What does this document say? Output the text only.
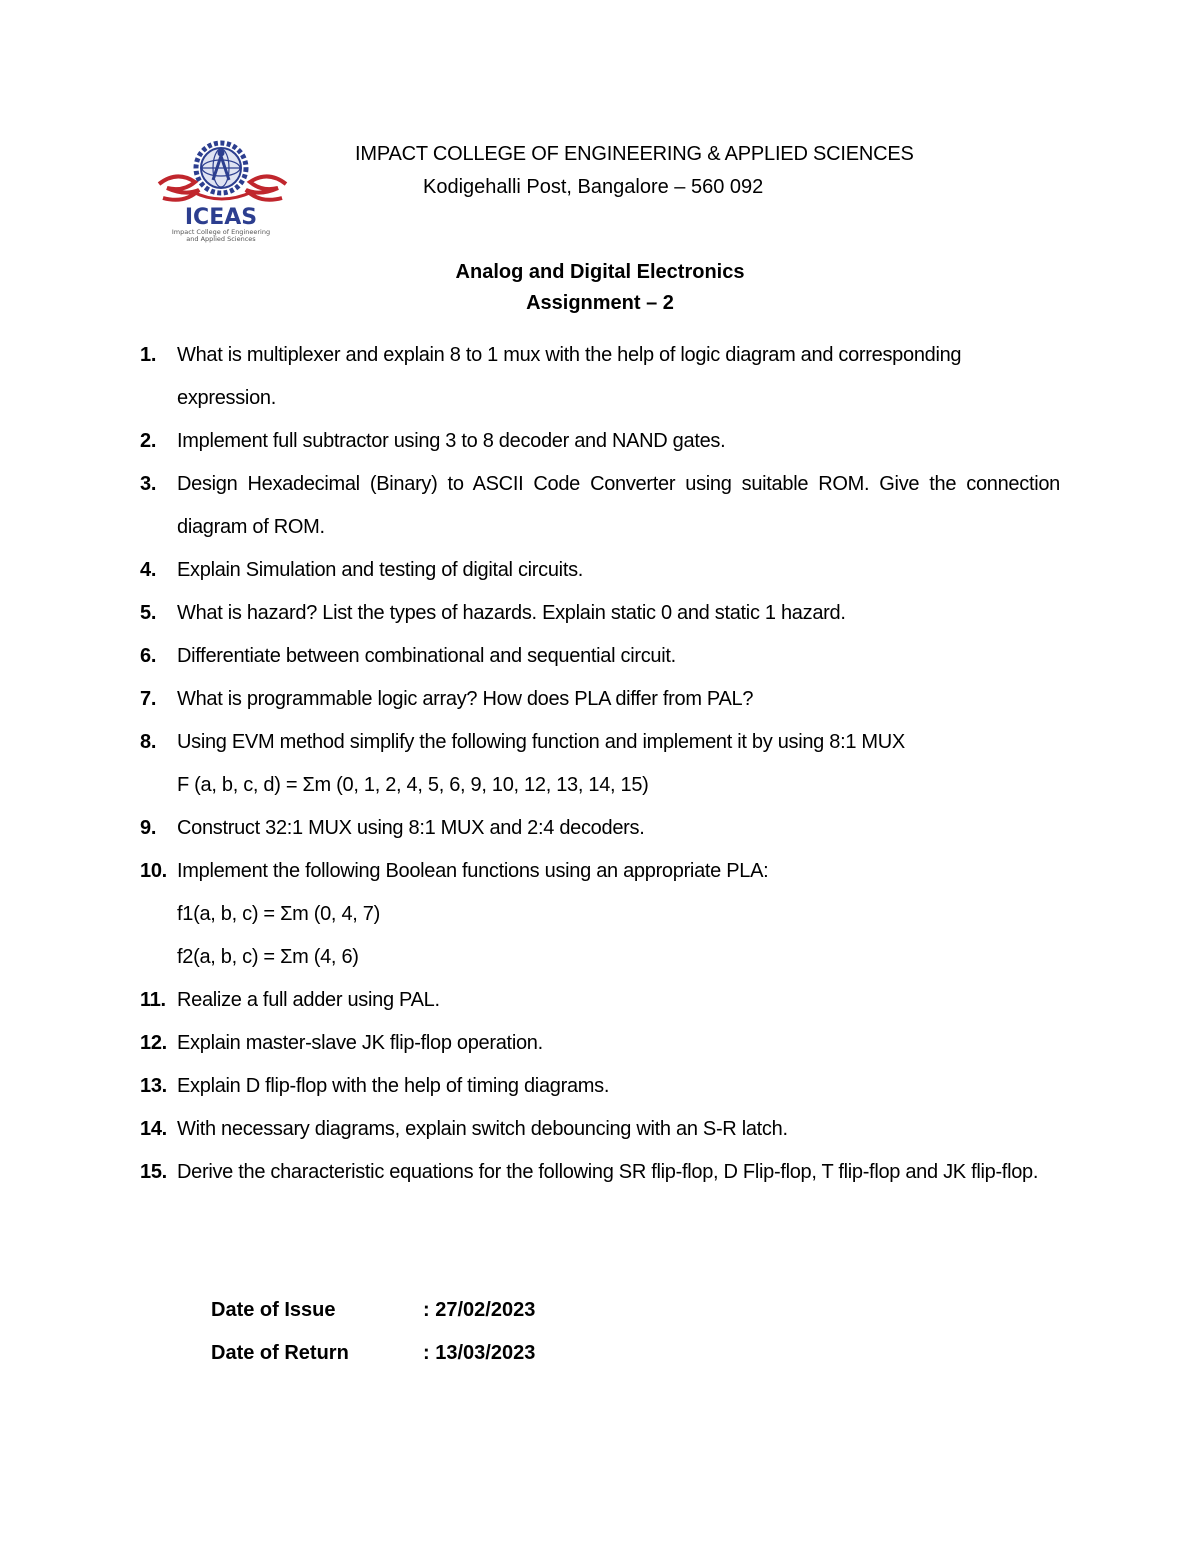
ICEAS
Impact College of Engineering
and Applied Sciences
IMPACT COLLEGE OF ENGINEERING & APPLIED SCIENCES
Kodigehalli Post, Bangalore – 560 092
Analog and Digital Electronics
Assignment – 2
1. What is multiplexer and explain 8 to 1 mux with the help of logic diagram and corresponding expression.
2. Implement full subtractor using 3 to 8 decoder and NAND gates.
3. Design Hexadecimal (Binary) to ASCII Code Converter using suitable ROM. Give the connection diagram of ROM.
4. Explain Simulation and testing of digital circuits.
5. What is hazard? List the types of hazards. Explain static 0 and static 1 hazard.
6. Differentiate between combinational and sequential circuit.
7. What is programmable logic array? How does PLA differ from PAL?
8. Using EVM method simplify the following function and implement it by using 8:1 MUX
F (a, b, c, d) = Σm (0, 1, 2, 4, 5, 6, 9, 10, 12, 13, 14, 15)
9. Construct 32:1 MUX using 8:1 MUX and 2:4 decoders.
10. Implement the following Boolean functions using an appropriate PLA:
f1(a, b, c) = Σm (0, 4, 7)
f2(a, b, c) = Σm (4, 6)
11. Realize a full adder using PAL.
12. Explain master-slave JK flip-flop operation.
13. Explain D flip-flop with the help of timing diagrams.
14. With necessary diagrams, explain switch debouncing with an S-R latch.
15. Derive the characteristic equations for the following SR flip-flop, D Flip-flop, T flip-flop and JK flip-flop.
Date of Issue	: 27/02/2023
Date of Return	: 13/03/2023
